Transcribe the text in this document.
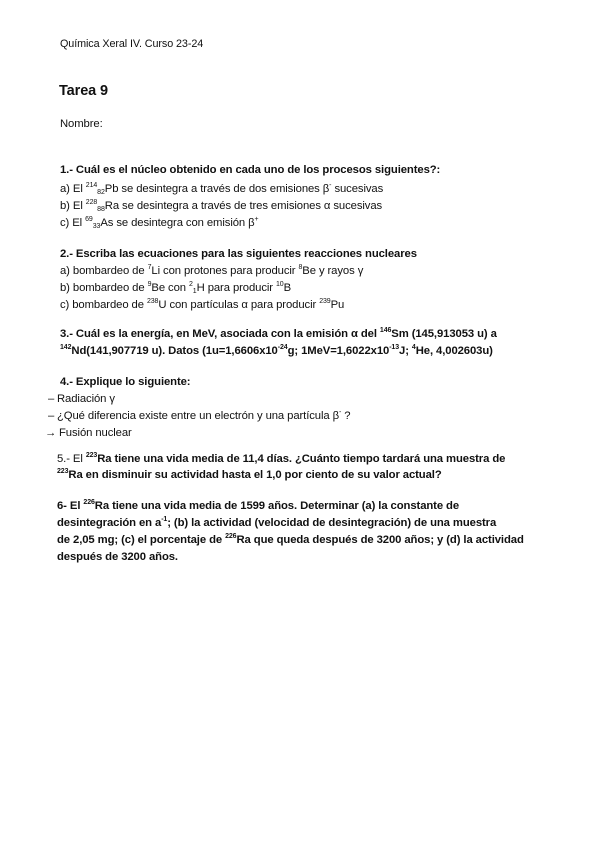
Química Xeral IV. Curso 23-24
Tarea 9
Nombre:
1.- Cuál es el núcleo obtenido en cada uno de los procesos siguientes?:
a) El $^{214}_{82}$Pb se desintegra a través de dos emisiones β- sucesivas
b) El $^{228}_{88}$Ra se desintegra a través de tres emisiones α sucesivas
c) El $^{69}_{33}$As se desintegra con emisión β+
2.- Escriba las ecuaciones para las siguientes reacciones nucleares
a) bombardeo de $^7$Li con protones para producir $^8$Be y rayos γ
b) bombardeo de $^9$Be con $^2_1$H para producir $^{10}$B
c) bombardeo de $^{238}$U con partículas α para producir $^{239}$Pu
3.- Cuál es la energía, en MeV, asociada con la emisión α del $^{146}$Sm (145,913053 u) a
$^{142}$Nd(141,907719 u). Datos ($1u=1,6606x10^{-24}g$; $1MeV=1,6022x10^{-13}J$; $^4$He, 4,002603u)
4.- Explique lo siguiente:
– Radiación γ
– ¿Qué diferencia existe entre un electrón y una partícula β- ?
→ Fusión nuclear
5.- El $^{223}$Ra tiene una vida media de 11,4 días. ¿Cuánto tiempo tardará una muestra de
$^{223}$Ra en disminuir su actividad hasta el 1,0 por ciento de su valor actual?
6- El $^{226}$Ra tiene una vida media de 1599 años. Determinar (a) la constante de
desintegración en $a^{-1}$; (b) la actividad (velocidad de desintegración) de una muestra
de 2,05 mg; (c) el porcentaje de $^{226}$Ra que queda después de 3200 años; y (d) la actividad
después de 3200 años.
